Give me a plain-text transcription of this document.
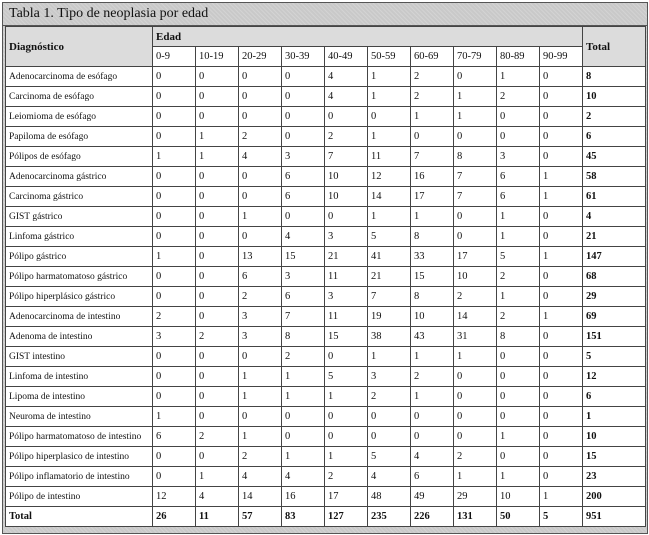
Tabla 1. Tipo de neoplasia por edad
Diagnóstico	Edad										Total
	0-9	10-19	20-29	30-39	40-49	50-59	60-69	70-79	80-89	90-99	
Adenocarcinoma de esófago	0	0	0	0	4	1	2	0	1	0	8
Carcinoma de esófago	0	0	0	0	4	1	2	1	2	0	10
Leiomioma de esófago	0	0	0	0	0	0	1	1	0	0	2
Papiloma de esófago	0	1	2	0	2	1	0	0	0	0	6
Pólipos de esófago	1	1	4	3	7	11	7	8	3	0	45
Adenocarcinoma gástrico	0	0	0	6	10	12	16	7	6	1	58
Carcinoma gástrico	0	0	0	6	10	14	17	7	6	1	61
GIST gástrico	0	0	1	0	0	1	1	0	1	0	4
Linfoma gástrico	0	0	0	4	3	5	8	0	1	0	21
Pólipo gástrico	1	0	13	15	21	41	33	17	5	1	147
Pólipo harmatomatoso gástrico	0	0	6	3	11	21	15	10	2	0	68
Pólipo hiperplásico gástrico	0	0	2	6	3	7	8	2	1	0	29
Adenocarcinoma de intestino	2	0	3	7	11	19	10	14	2	1	69
Adenoma de intestino	3	2	3	8	15	38	43	31	8	0	151
GIST intestino	0	0	0	2	0	1	1	1	0	0	5
Linfoma de intestino	0	0	1	1	5	3	2	0	0	0	12
Lipoma de intestino	0	0	1	1	1	2	1	0	0	0	6
Neuroma de intestino	1	0	0	0	0	0	0	0	0	0	1
Pólipo harmatomatoso de intestino	6	2	1	0	0	0	0	0	1	0	10
Pólipo hiperplasico de intestino	0	0	2	1	1	5	4	2	0	0	15
Pólipo inflamatorio de intestino	0	1	4	4	2	4	6	1	1	0	23
Pólipo de intestino	12	4	14	16	17	48	49	29	10	1	200
Total	26	11	57	83	127	235	226	131	50	5	951
